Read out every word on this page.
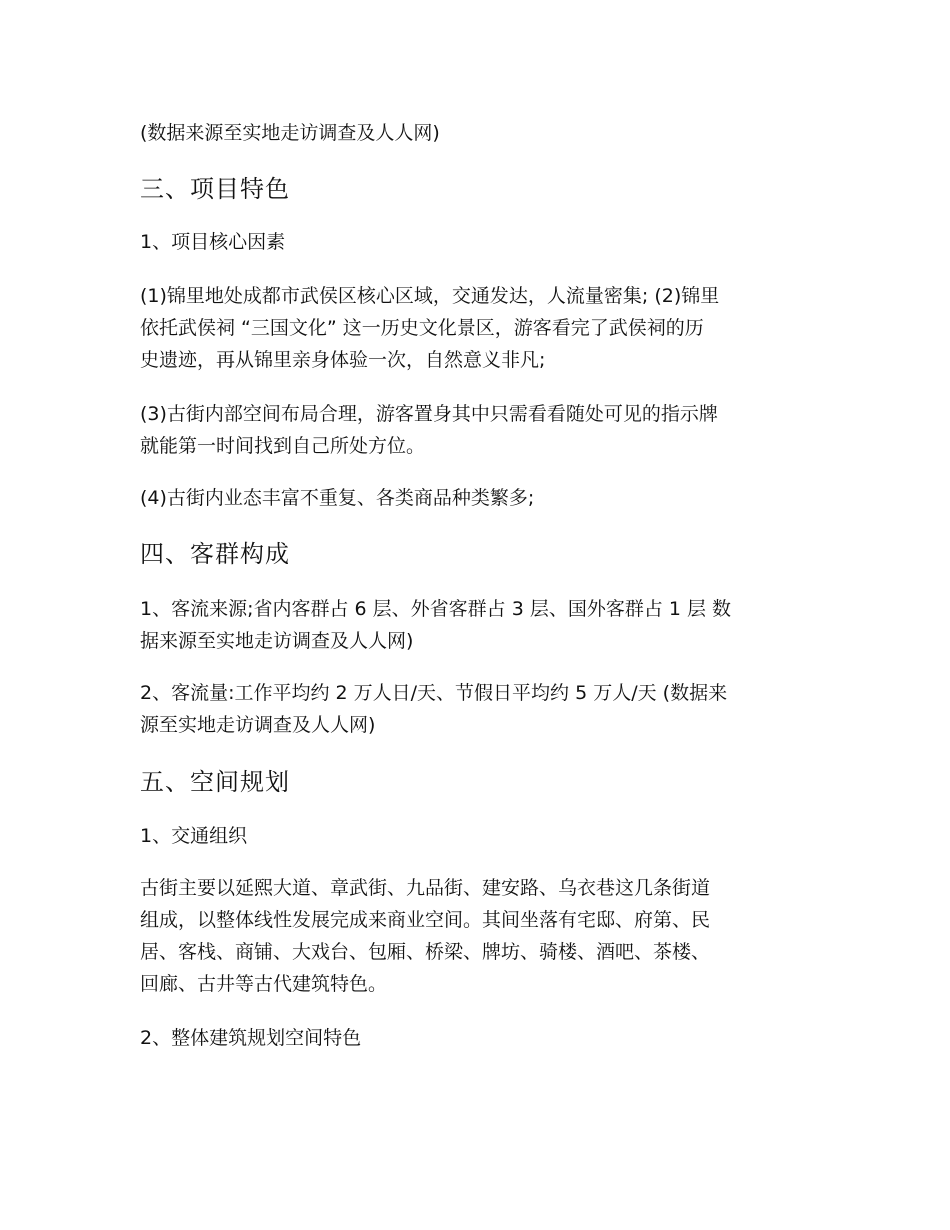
(数据来源至实地走访调查及人人网)

三、项目特色

1、项目核心因素

(1)锦里地处成都市武侯区核心区域，交通发达，人流量密集; (2)锦里
依托武侯祠 “三国文化” 这一历史文化景区，游客看完了武侯祠的历
史遗迹，再从锦里亲身体验一次，自然意义非凡;
(3)古街内部空间布局合理，游客置身其中只需看看随处可见的指示牌
就能第一时间找到自己所处方位。

(4)古街内业态丰富不重复、各类商品种类繁多;

四、客群构成

1、客流来源;省内客群占 6 层、外省客群占 3 层、国外客群占 1 层 数
据来源至实地走访调查及人人网)
2、客流量:工作平均约 2 万人日/天、节假日平均约 5 万人/天 (数据来
源至实地走访调查及人人网)

五、空间规划

1、交通组织

古街主要以延熙大道、章武街、九品街、建安路、乌衣巷这几条街道
组成，以整体线性发展完成来商业空间。其间坐落有宅邸、府第、民
居、客栈、商铺、大戏台、包厢、桥梁、牌坊、骑楼、酒吧、茶楼、
回廊、古井等古代建筑特色。

2、整体建筑规划空间特色
